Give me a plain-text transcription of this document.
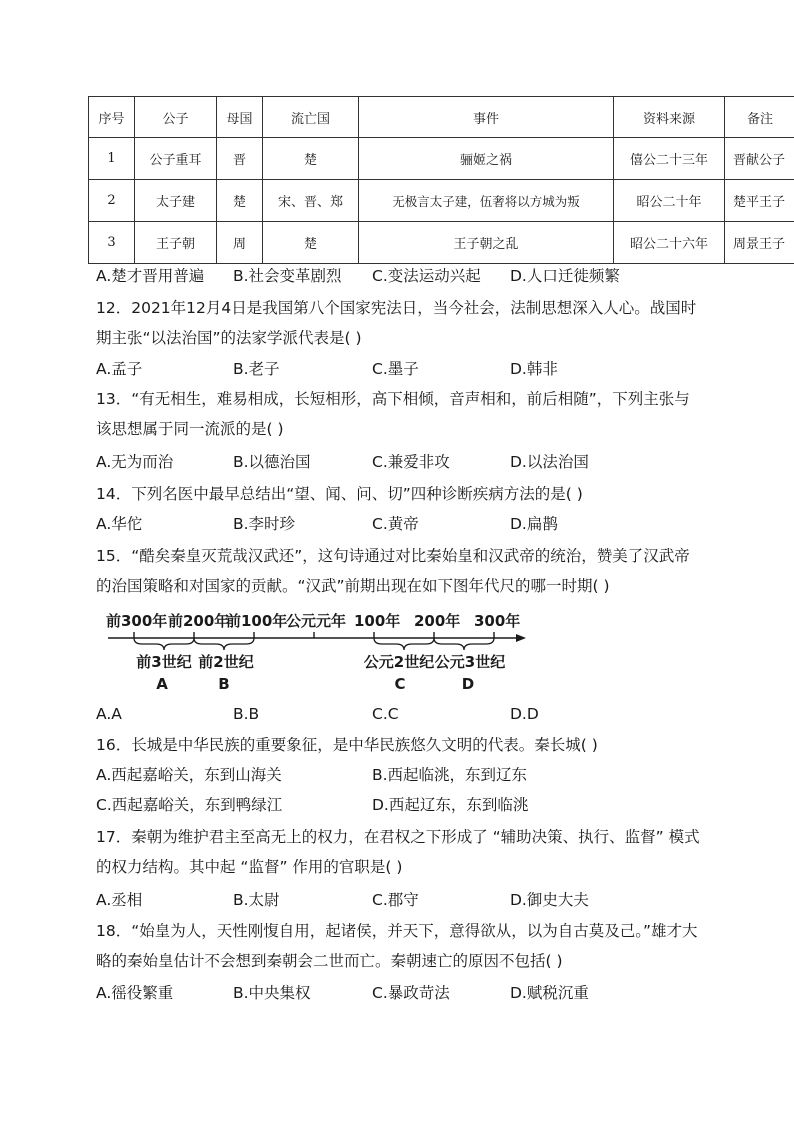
序号	公子	母国	流亡国	事件	资料来源	备注
1	公子重耳	晋	楚	骊姬之祸	僖公二十三年	晋献公子
2	太子建	楚	宋、晋、郑	无极言太子建，伍奢将以方城为叛	昭公二十年	楚平王子
3	王子朝	周	楚	王子朝之乱	昭公二十六年	周景王子
A.楚才晋用普遍 B.社会变革剧烈 C.变法运动兴起 D.人口迁徙频繁
12．2021年12月4日是我国第八个国家宪法日，当今社会，法制思想深入人心。战国时期主张“以法治国”的法家学派代表是( )
A.孟子	B.老子	C.墨子	D.韩非
13．“有无相生，难易相成，长短相形，高下相倾，音声相和，前后相随”，下列主张与该思想属于同一流派的是( )
A.无为而治	B.以德治国	C.兼爱非攻	D.以法治国
14．下列名医中最早总结出“望、闻、问、切”四种诊断疾病方法的是( )
A.华佗	B.李时珍	C.黄帝	D.扁鹊
15．“酷矣秦皇灭荒哉汉武还”，这句诗通过对比秦始皇和汉武帝的统治，赞美了汉武帝的治国策略和对国家的贡献。“汉武”前期出现在如下图年代尺的哪一时期( )
前300年 前200年
前100年
公元元年 100年 200年 300年
前3世纪 前2世纪	公元2世纪 公元3世纪
A	B	C	D
A.A	B.B	C.C	D.D
16．长城是中华民族的重要象征，是中华民族悠久文明的代表。秦长城( )
A.西起嘉峪关，东到山海关	B.西起临洮，东到辽东
C.西起嘉峪关，东到鸭绿江	D.西起辽东，东到临洮
17．秦朝为维护君主至高无上的权力，在君权之下形成了 “辅助决策、执行、监督” 模式的权力结构。其中起 “监督” 作用的官职是( )
A.丞相	B.太尉	C.郡守	D.御史大夫
18．“始皇为人，天性刚愎自用，起诸侯，并天下，意得欲从，以为自古莫及己。”雄才大略的秦始皇估计不会想到秦朝会二世而亡。秦朝速亡的原因不包括( )
A.徭役繁重	B.中央集权	C.暴政苛法	D.赋税沉重
